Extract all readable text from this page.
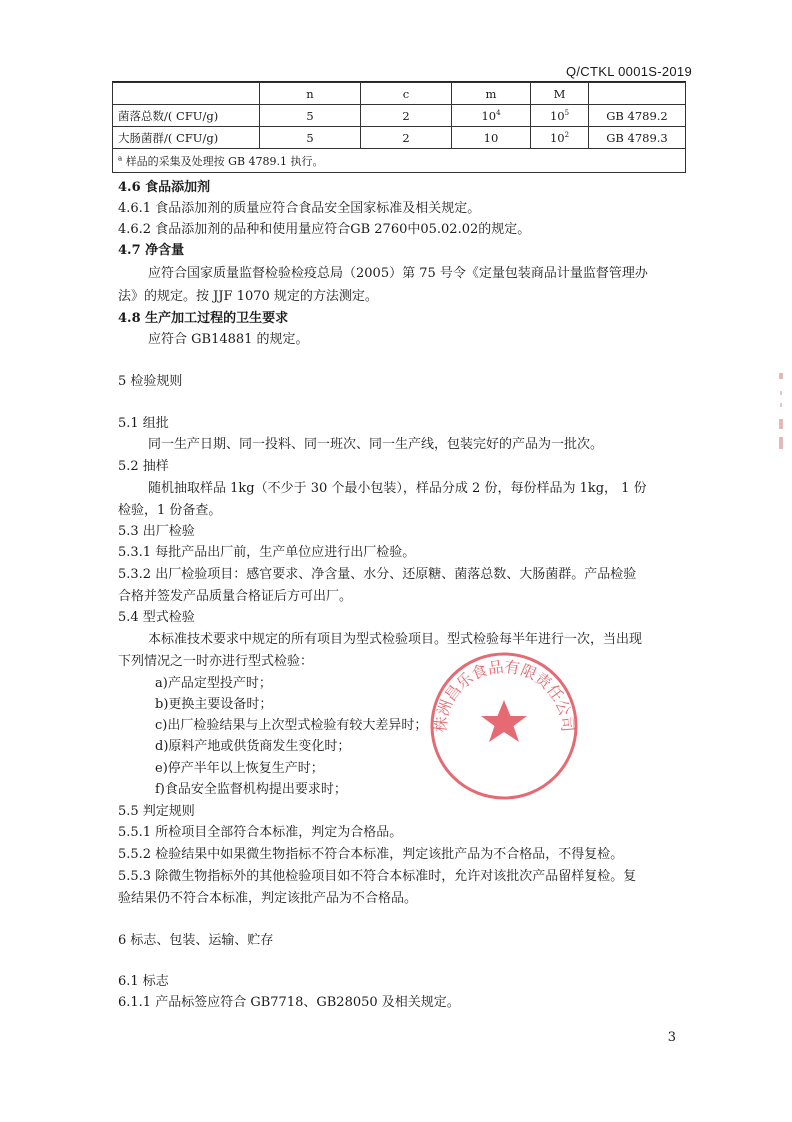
Q/CTKL 0001S-2019
	n	c	m	M	
菌落总数/( CFU/g)	5	2	$10^4$	$10^5$	GB 4789.2
大肠菌群/( CFU/g)	5	2	10	$10^2$	GB 4789.3
$^a$ 样品的采集及处理按 GB 4789.1 执行。					
4.6 食品添加剂
4.6.1 食品添加剂的质量应符合食品安全国家标准及相关规定。
4.6.2 食品添加剂的品种和使用量应符合GB 2760中05.02.02的规定。
4.7 净含量
应符合国家质量监督检验检疫总局（2005）第 75 号令《定量包装商品计量监督管理办
法》的规定。按 JJF 1070 规定的方法测定。
4.8 生产加工过程的卫生要求
应符合 GB14881 的规定。
5 检验规则
5.1 组批
同一生产日期、同一投料、同一班次、同一生产线，包装完好的产品为一批次。
5.2 抽样
随机抽取样品 1kg（不少于 30 个最小包装），样品分成 2 份，每份样品为 1kg， 1 份
检验，1 份备查。
5.3 出厂检验
5.3.1 每批产品出厂前，生产单位应进行出厂检验。
5.3.2 出厂检验项目：感官要求、净含量、水分、还原糖、菌落总数、大肠菌群。产品检验
合格并签发产品质量合格证后方可出厂。
5.4 型式检验
本标准技术要求中规定的所有项目为型式检验项目。型式检验每半年进行一次，当出现
下列情况之一时亦进行型式检验：
a)产品定型投产时；
b)更换主要设备时；
c)出厂检验结果与上次型式检验有较大差异时；
d)原料产地或供货商发生变化时；
e)停产半年以上恢复生产时；
f)食品安全监督机构提出要求时；
5.5 判定规则
5.5.1 所检项目全部符合本标准，判定为合格品。
5.5.2 检验结果中如果微生物指标不符合本标准，判定该批产品为不合格品，不得复检。
5.5.3 除微生物指标外的其他检验项目如不符合本标准时，允许对该批次产品留样复检。复
验结果仍不符合本标准，判定该批产品为不合格品。
6 标志、包装、运输、贮存
6.1 标志
6.1.1 产品标签应符合 GB7718、GB28050 及相关规定。
株洲昌乐食品有限责任公司
3
